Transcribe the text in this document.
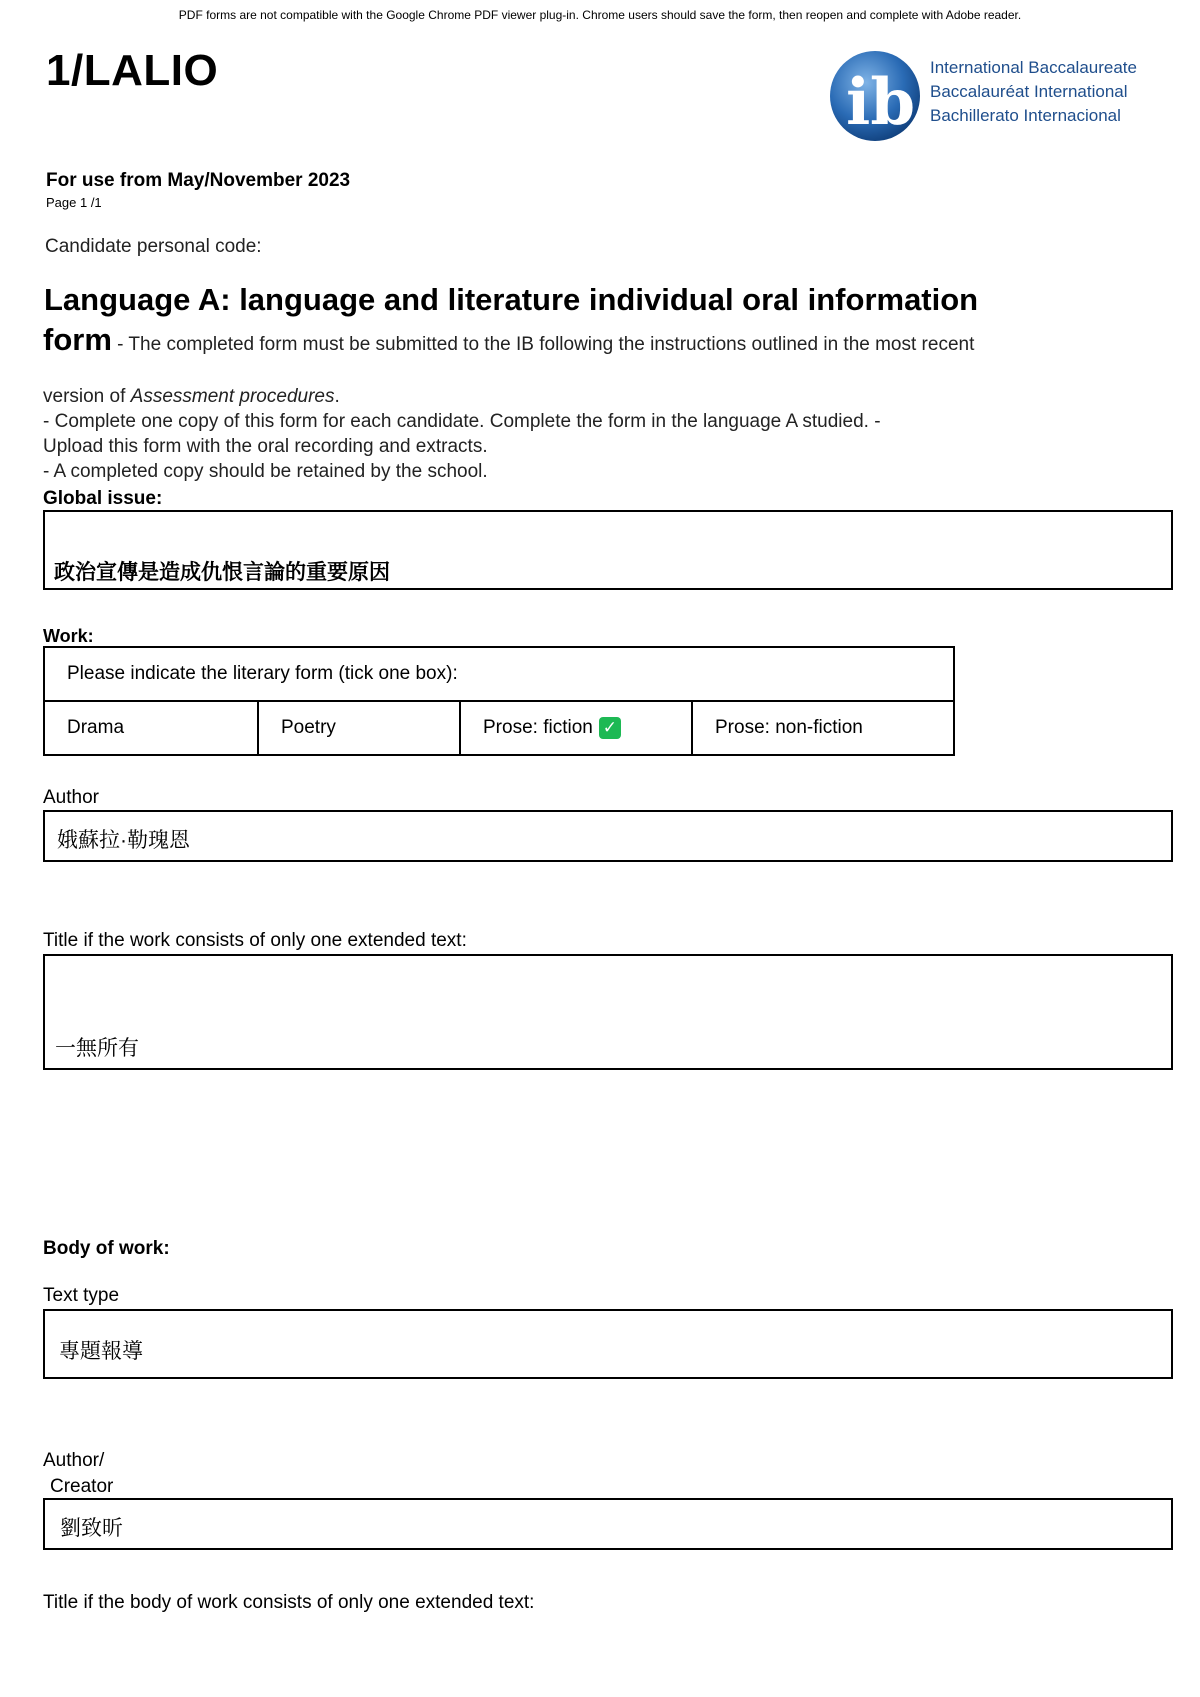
PDF forms are not compatible with the Google Chrome PDF viewer plug-in. Chrome users should save the form, then reopen and complete with Adobe reader.
1/LALIO	ib International Baccalaureate
Baccalauréat International
Bachillerato Internacional
For use from May/November 2023
Page 1 /1
Candidate personal code:
Language A: language and literature individual oral information
form - The completed form must be submitted to the IB following the instructions outlined in the most recent
version of Assessment procedures.
- Complete one copy of this form for each candidate. Complete the form in the language A studied. -
Upload this form with the oral recording and extracts.
- A completed copy should be retained by the school.
Global issue:
政治宣傳是造成仇恨言論的重要原因
Work:
Please indicate the literary form (tick one box):
Drama	Poetry	Prose: fiction ✓	Prose: non-fiction
Author
娥蘇拉·勒瑰恩
Title if the work consists of only one extended text:
一無所有
Body of work:
Text type
專題報導
Author/
Creator
劉致昕
Title if the body of work consists of only one extended text:
